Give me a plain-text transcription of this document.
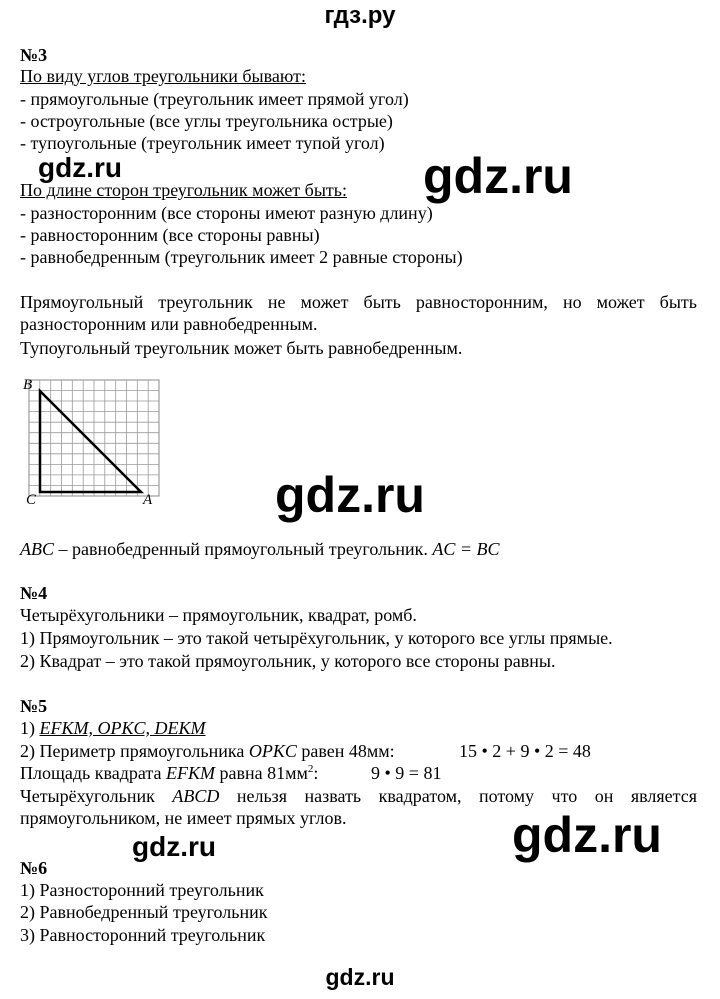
гдз.ру
№3
По виду углов треугольники бывают:
- прямоугольные (треугольник имеет прямой угол)
- остроугольные (все углы треугольника острые)
- тупоугольные (треугольник имеет тупой угол)
По длине сторон треугольник может быть:
- разносторонним (все стороны имеют разную длину)
- равносторонним (все стороны равны)
- равнобедренным (треугольник имеет 2 равные стороны)
Прямоугольный треугольник не может быть равносторонним, но может быть
разносторонним или равнобедренным.
Тупоугольный треугольник может быть равнобедренным.
B
C	A
ABC – равнобедренный прямоугольный треугольник. AC = BC
№4
Четырёхугольники – прямоугольник, квадрат, ромб.
1) Прямоугольник – это такой четырёхугольник, у которого все углы прямые.
2) Квадрат – это такой прямоугольник, у которого все стороны равны.
№5
1) EFKM, OPKC, DEKM
2) Периметр прямоугольника OPKC равен 48мм:	15 • 2 + 9 • 2 = 48
Площадь квадрата EFKM равна $81мм^2$:	9 • 9 = 81
Четырёхугольник ABCD нельзя назвать квадратом, потому что он является
прямоугольником, не имеет прямых углов.
№6
1) Разносторонний треугольник
2) Равнобедренный треугольник
3) Равносторонний треугольник
gdz.ru	gdz.ru
gdz.ru
gdz.ru
gdz.ru
gdz.ru
